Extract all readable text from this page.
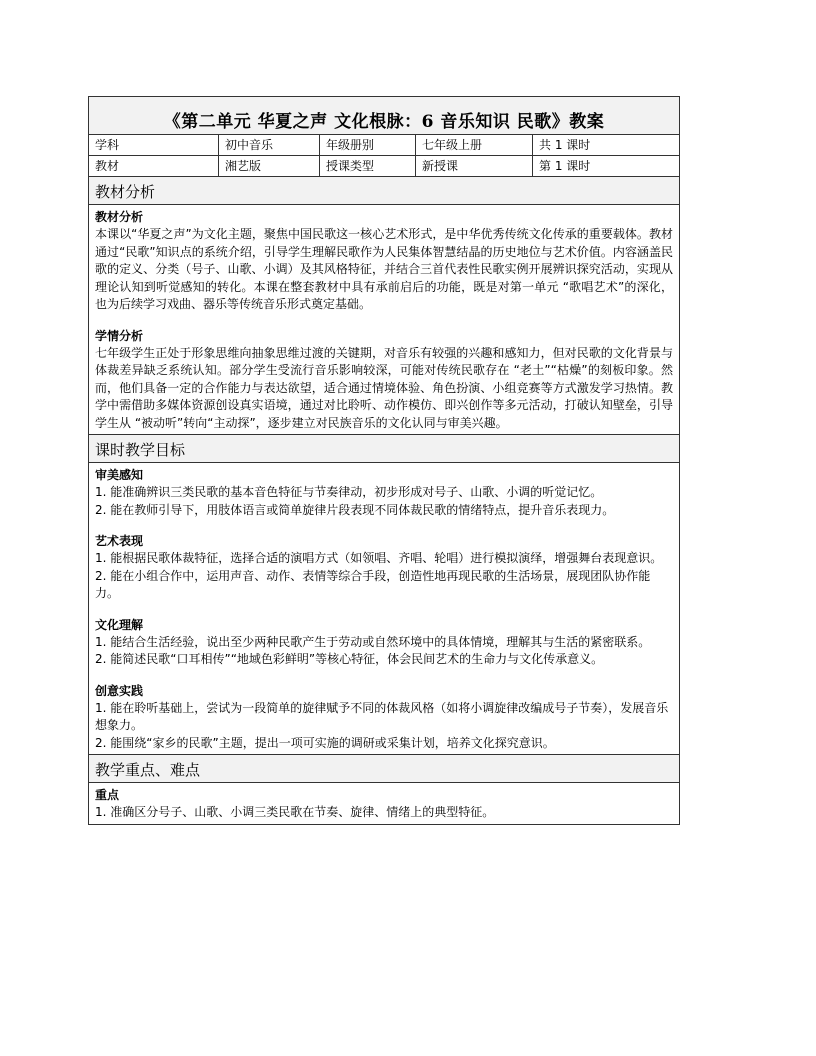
《第二单元 华夏之声 文化根脉：6 音乐知识 民歌》教案
学科	初中音乐	年级册别	七年级上册	共 1 课时
教材	湘艺版	授课类型	新授课	第 1 课时
教材分析
教材分析
本课以“华夏之声”为文化主题，聚焦中国民歌这一核心艺术形式，是中华优秀传统文化传承的重要载体。教材通过“民歌”知识点的系统介绍，引导学生理解民歌作为人民集体智慧结晶的历史地位与艺术价值。内容涵盖民歌的定义、分类（号子、山歌、小调）及其风格特征，并结合三首代表性民歌实例开展辨识探究活动，实现从理论认知到听觉感知的转化。本课在整套教材中具有承前启后的功能，既是对第一单元 “歌唱艺术”的深化，也为后续学习戏曲、器乐等传统音乐形式奠定基础。
学情分析
七年级学生正处于形象思维向抽象思维过渡的关键期，对音乐有较强的兴趣和感知力，但对民歌的文化背景与体裁差异缺乏系统认知。部分学生受流行音乐影响较深，可能对传统民歌存在 “老土”“枯燥”的刻板印象。然而，他们具备一定的合作能力与表达欲望，适合通过情境体验、角色扮演、小组竞赛等方式激发学习热情。教学中需借助多媒体资源创设真实语境，通过对比聆听、动作模仿、即兴创作等多元活动，打破认知壁垒，引导学生从 “被动听”转向“主动探”，逐步建立对民族音乐的文化认同与审美兴趣。
课时教学目标
审美感知
1. 能准确辨识三类民歌的基本音色特征与节奏律动，初步形成对号子、山歌、小调的听觉记忆。
2. 能在教师引导下，用肢体语言或简单旋律片段表现不同体裁民歌的情绪特点，提升音乐表现力。
艺术表现
1. 能根据民歌体裁特征，选择合适的演唱方式（如领唱、齐唱、轮唱）进行模拟演绎，增强舞台表现意识。
2. 能在小组合作中，运用声音、动作、表情等综合手段，创造性地再现民歌的生活场景，展现团队协作能力。
文化理解
1. 能结合生活经验，说出至少两种民歌产生于劳动或自然环境中的具体情境，理解其与生活的紧密联系。
2. 能简述民歌“口耳相传”“地域色彩鲜明”等核心特征，体会民间艺术的生命力与文化传承意义。
创意实践
1. 能在聆听基础上，尝试为一段简单的旋律赋予不同的体裁风格（如将小调旋律改编成号子节奏），发展音乐想象力。
2. 能围绕“家乡的民歌”主题，提出一项可实施的调研或采集计划，培养文化探究意识。
教学重点、难点
重点
1. 准确区分号子、山歌、小调三类民歌在节奏、旋律、情绪上的典型特征。
